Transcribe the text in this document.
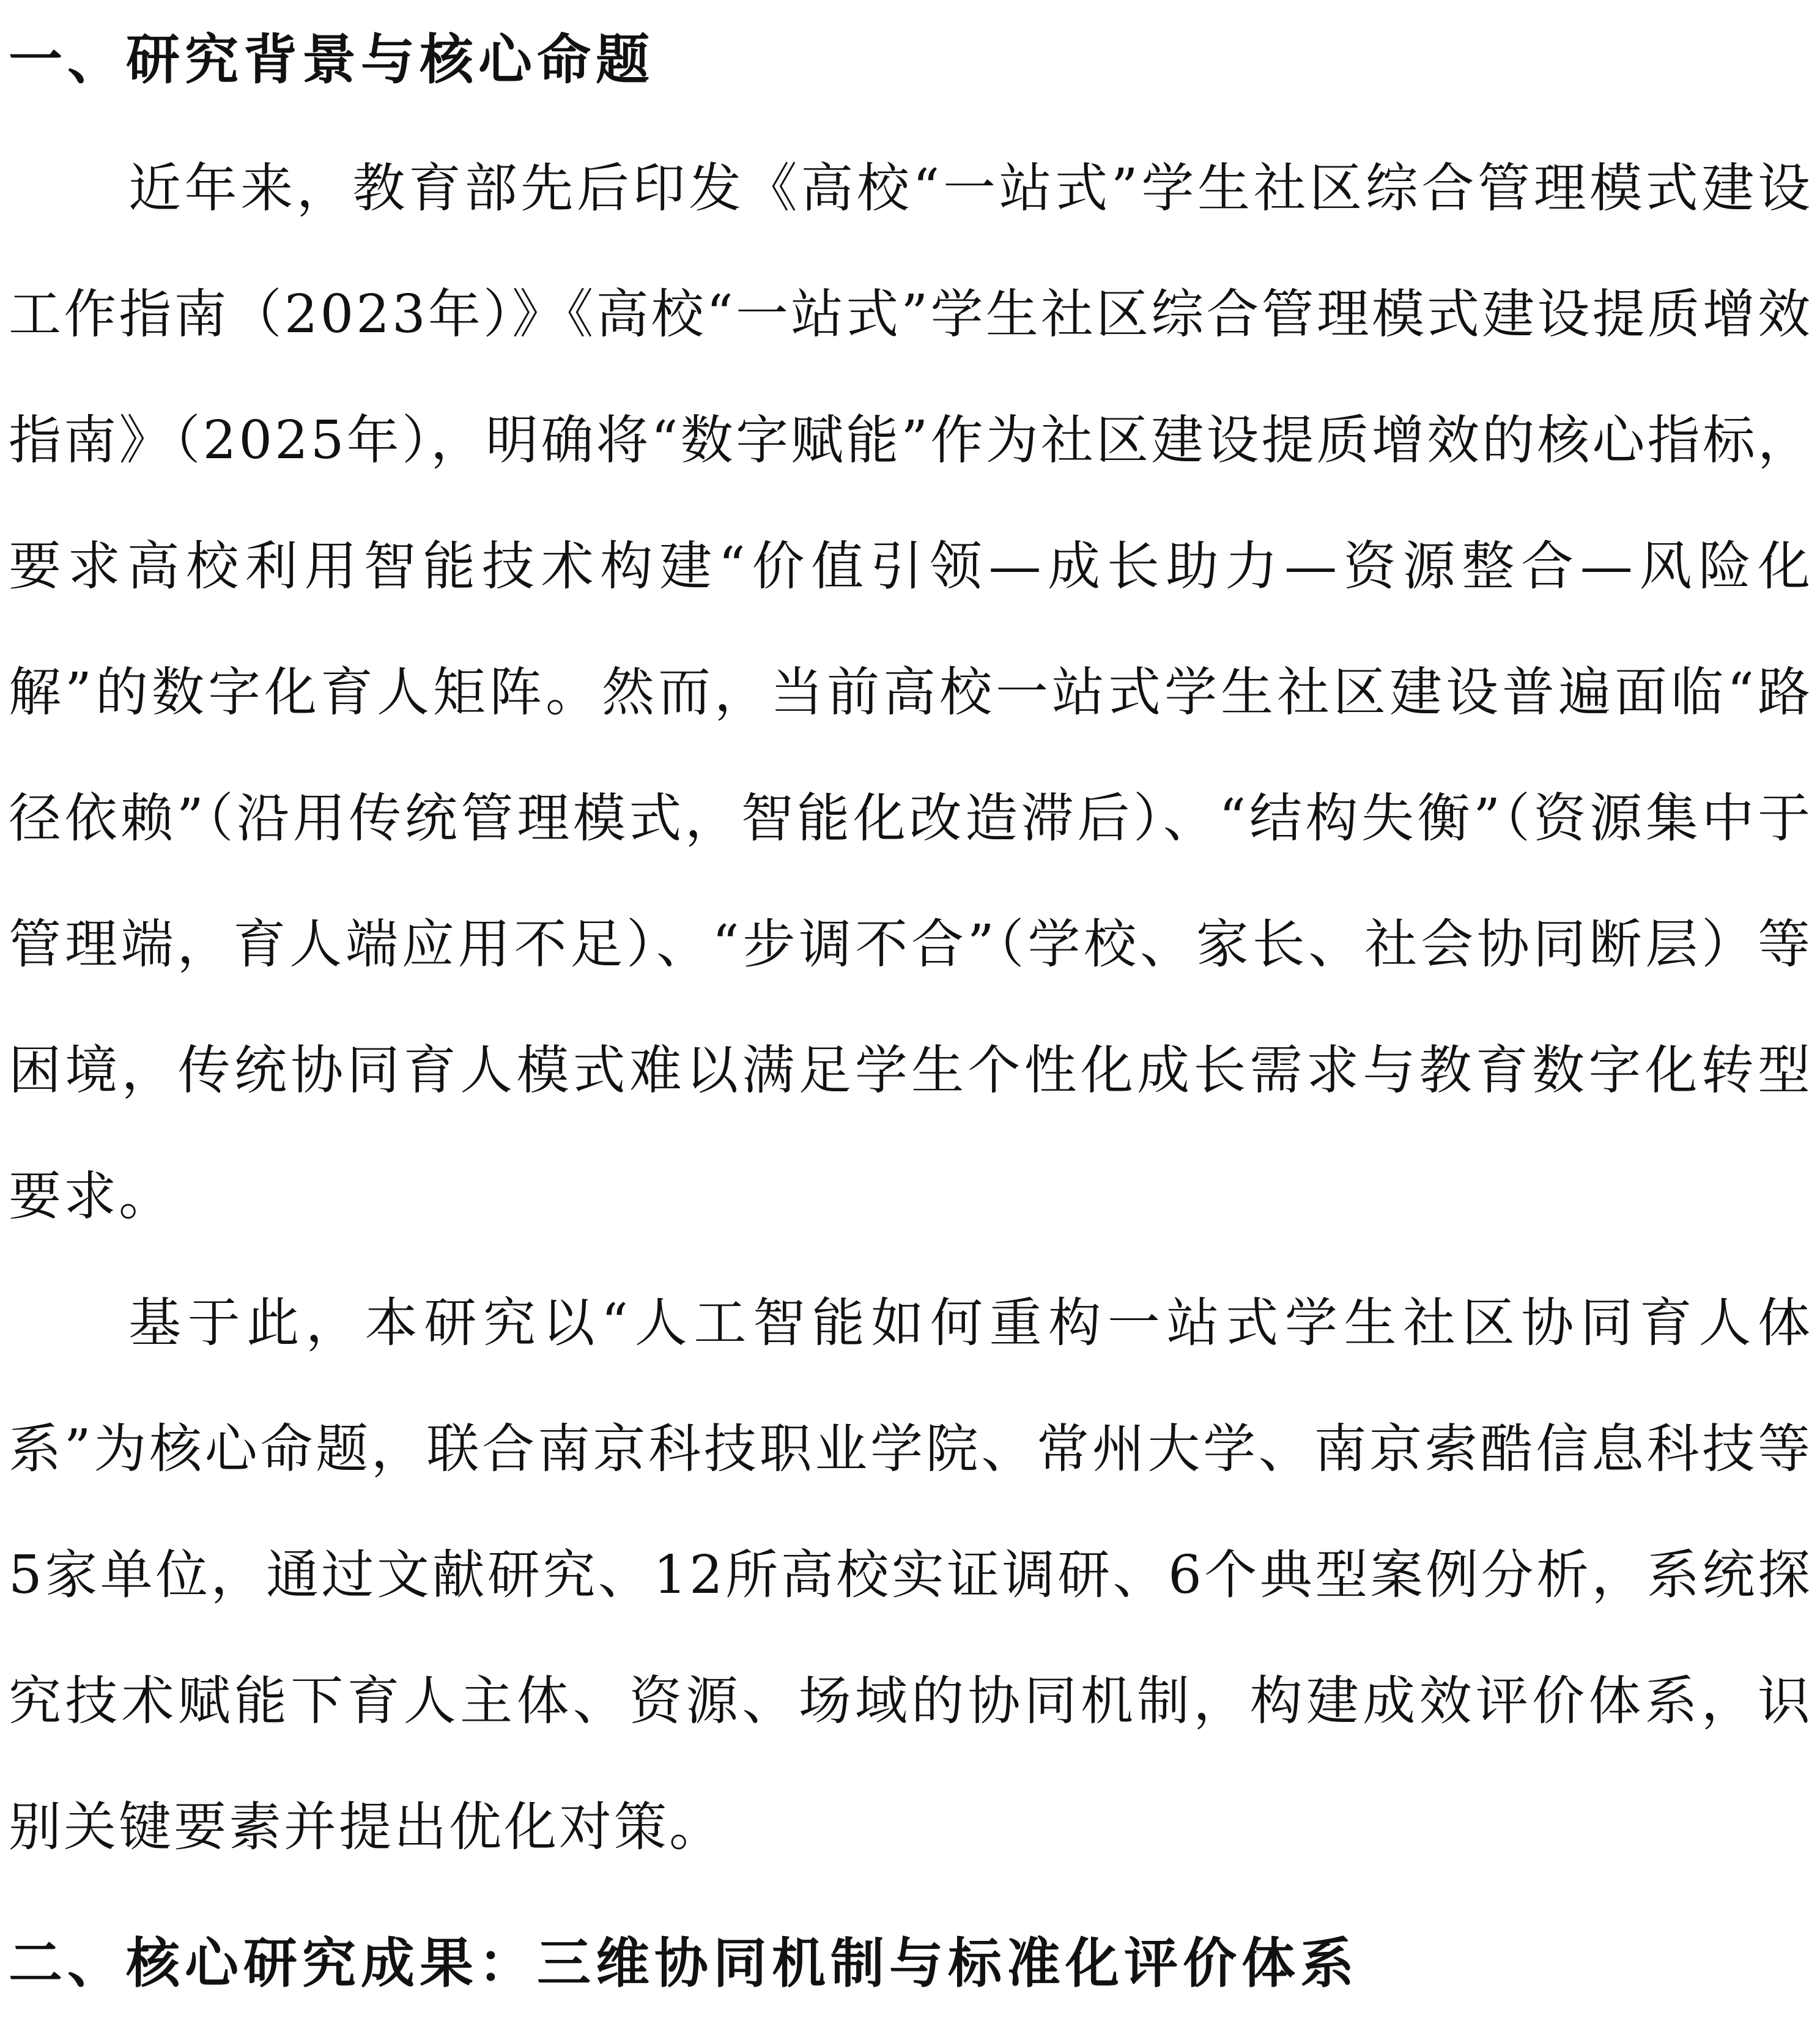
一、研究背景与核心命题

近年来，教育部先后印发《高校“一站式”学生社区综合管理模式建设工作指南（2023年）》《高校“一站式”学生社区综合管理模式建设提质增效指南》（2025年），明确将“数字赋能”作为社区建设提质增效的核心指标，要求高校利用智能技术构建“价值引领—成长助力—资源整合—风险化解”的数字化育人矩阵。然而，当前高校一站式学生社区建设普遍面临“路径依赖”（沿用传统管理模式，智能化改造滞后）、“结构失衡”（资源集中于管理端，育人端应用不足）、“步调不合”（学校、家长、社会协同断层）等困境，传统协同育人模式难以满足学生个性化成长需求与教育数字化转型要求。

基于此，本研究以“人工智能如何重构一站式学生社区协同育人体系”为核心命题，联合南京科技职业学院、常州大学、南京索酷信息科技等5家单位，通过文献研究、12所高校实证调研、6个典型案例分析，系统探究技术赋能下育人主体、资源、场域的协同机制，构建成效评价体系，识别关键要素并提出优化对策。

二、核心研究成果：三维协同机制与标准化评价体系
